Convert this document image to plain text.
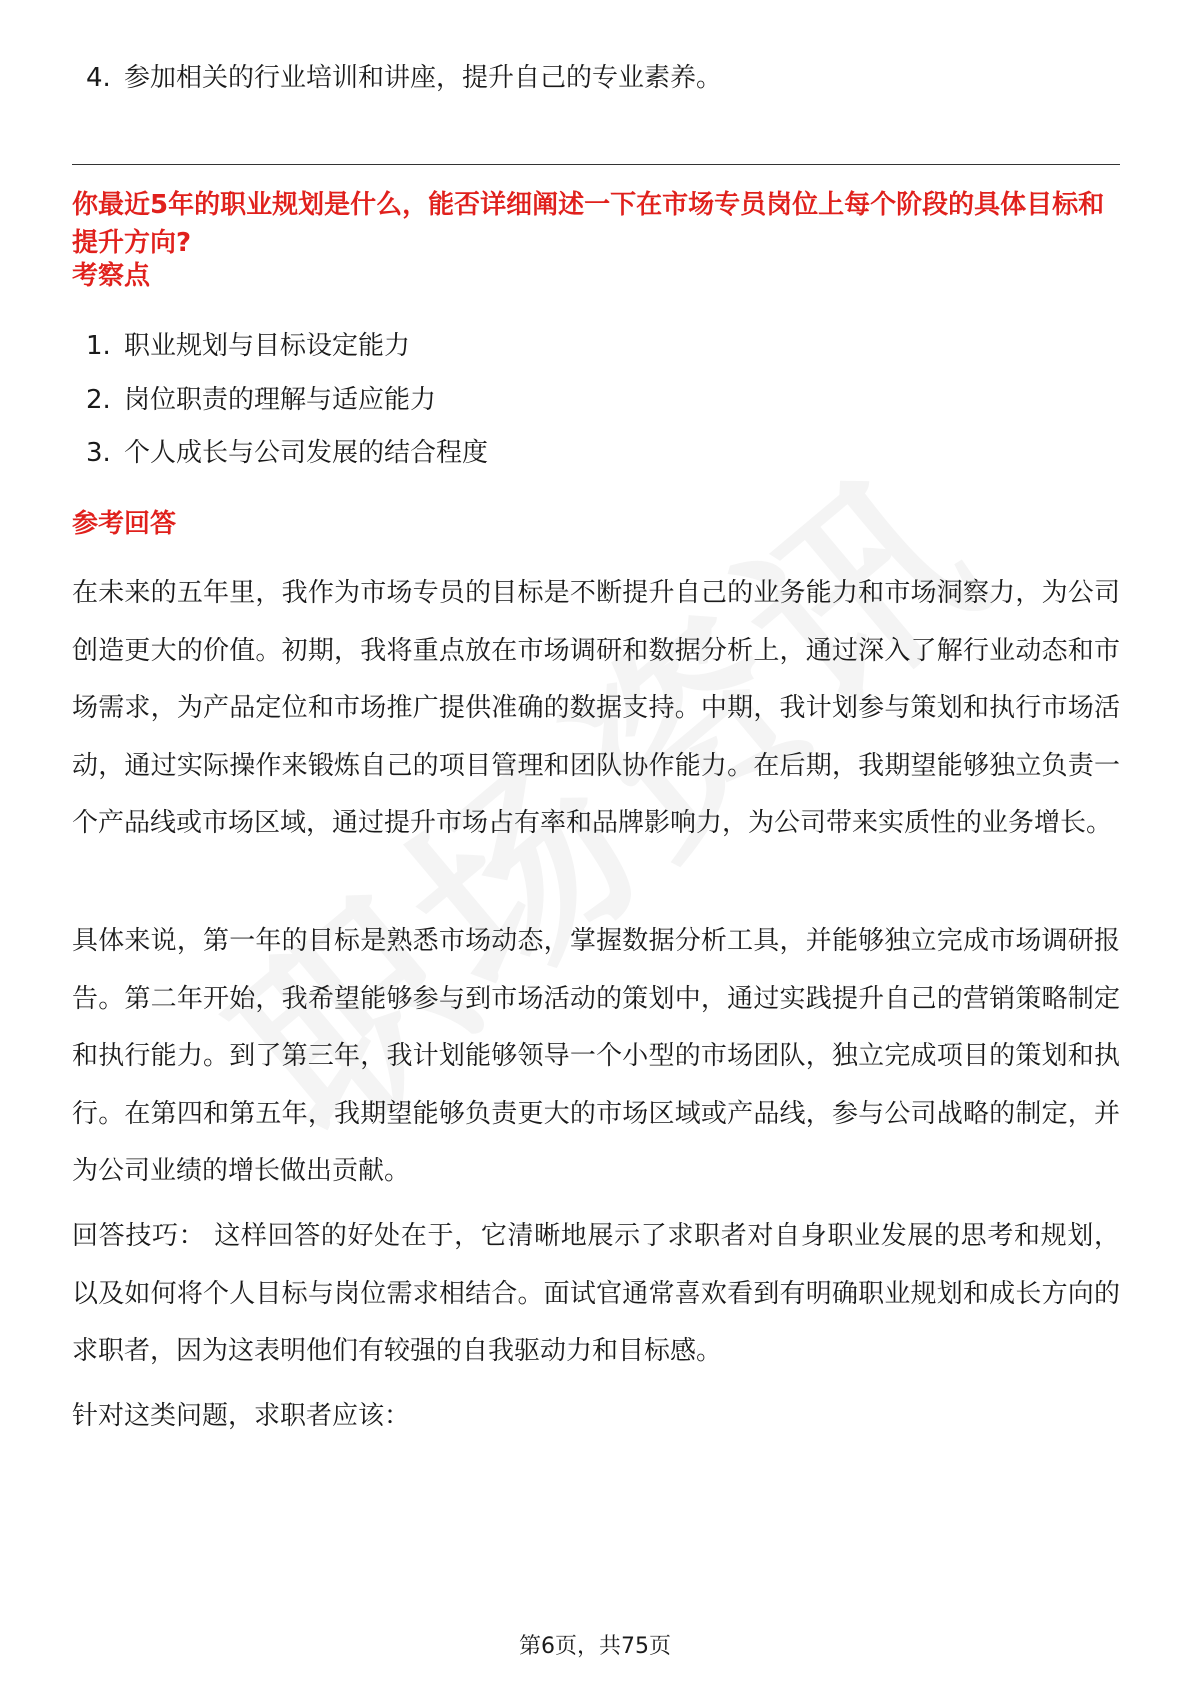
4. 参加相关的行业培训和讲座，提升自己的专业素养。
你最近5年的职业规划是什么，能否详细阐述一下在市场专员岗位上每个阶段的具体目标和提升方向?
考察点
1. 职业规划与目标设定能力
2. 岗位职责的理解与适应能力
3. 个人成长与公司发展的结合程度
参考回答
在未来的五年里，我作为市场专员的目标是不断提升自己的业务能力和市场洞察力，为公司创造更大的价值。初期，我将重点放在市场调研和数据分析上，通过深入了解行业动态和市场需求，为产品定位和市场推广提供准确的数据支持。中期，我计划参与策划和执行市场活动，通过实际操作来锻炼自己的项目管理和团队协作能力。在后期，我期望能够独立负责一个产品线或市场区域，通过提升市场占有率和品牌影响力，为公司带来实质性的业务增长。
具体来说，第一年的目标是熟悉市场动态，掌握数据分析工具，并能够独立完成市场调研报告。第二年开始，我希望能够参与到市场活动的策划中，通过实践提升自己的营销策略制定和执行能力。到了第三年，我计划能够领导一个小型的市场团队，独立完成项目的策划和执行。在第四和第五年，我期望能够负责更大的市场区域或产品线，参与公司战略的制定，并为公司业绩的增长做出贡献。
回答技巧： 这样回答的好处在于，它清晰地展示了求职者对自身职业发展的思考和规划，以及如何将个人目标与岗位需求相结合。面试官通常喜欢看到有明确职业规划和成长方向的求职者，因为这表明他们有较强的自我驱动力和目标感。
针对这类问题，求职者应该：
第6页，共75页
